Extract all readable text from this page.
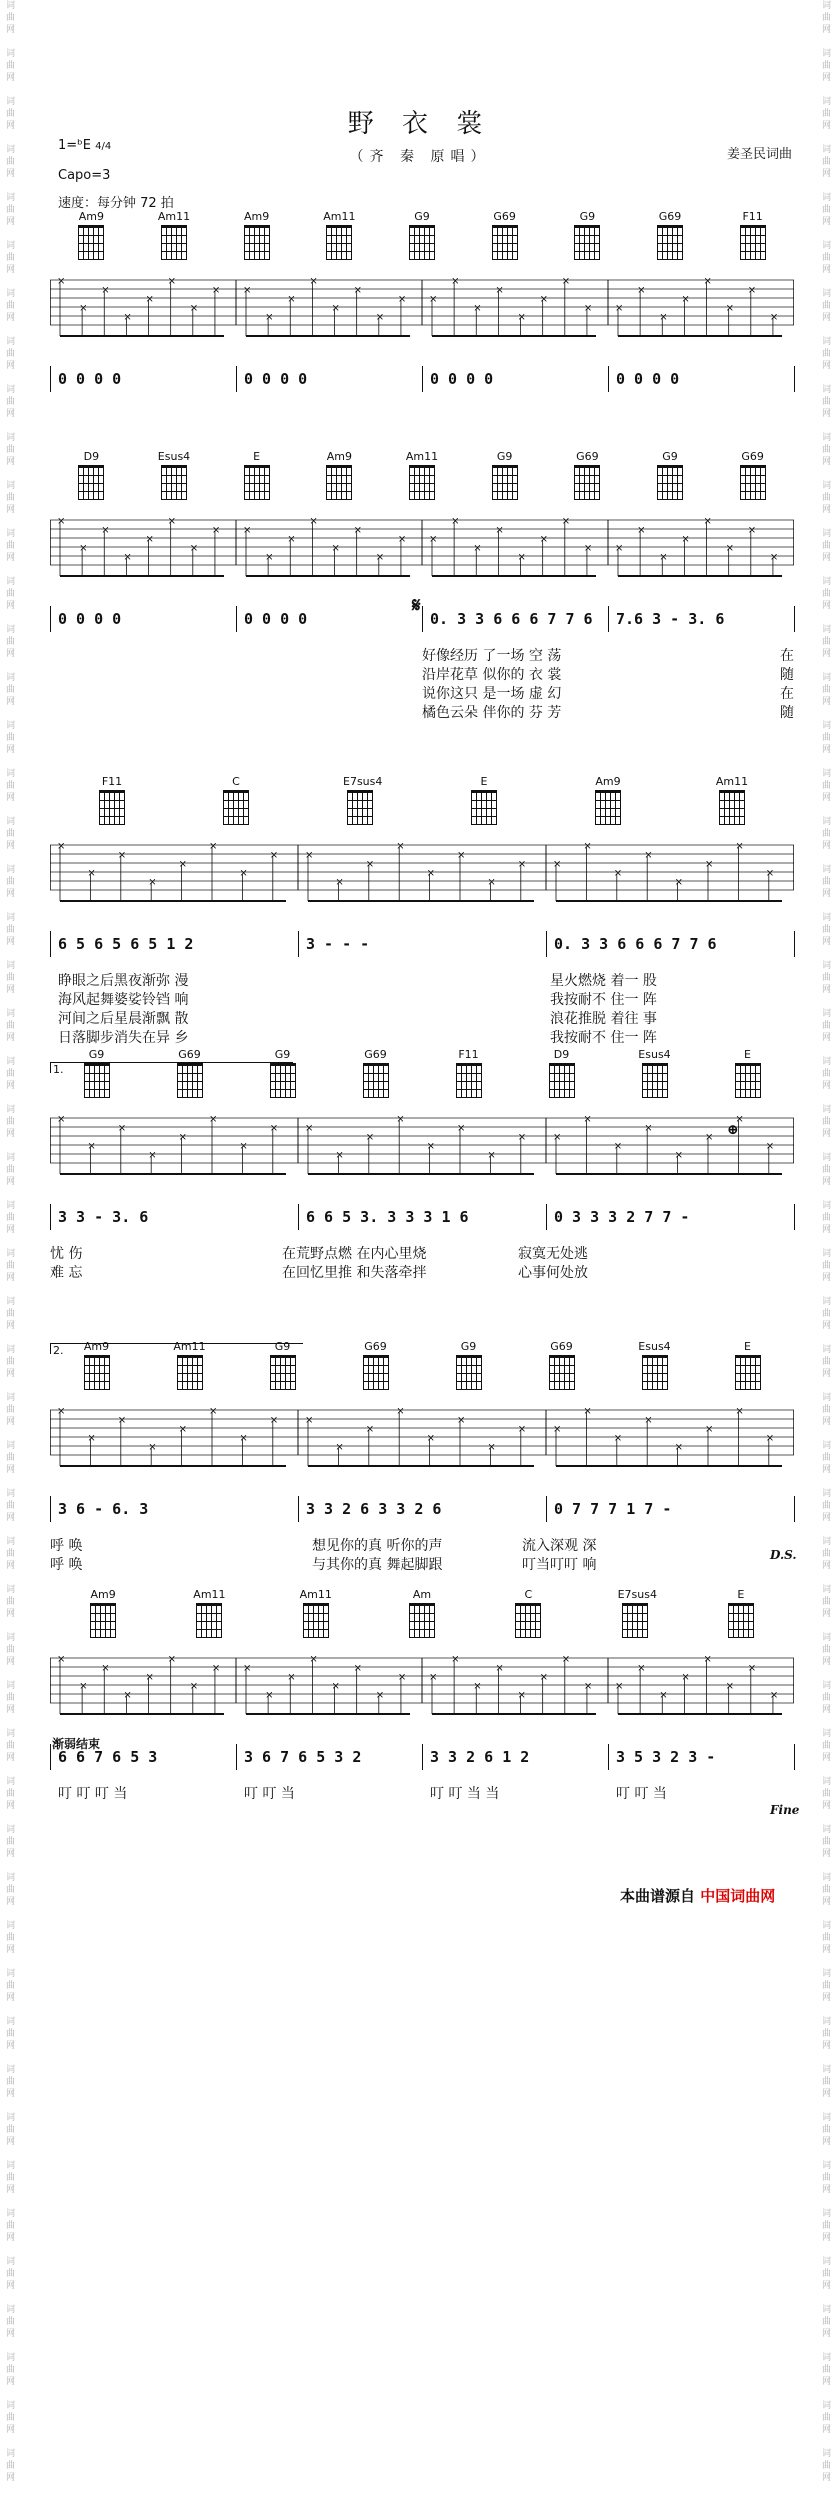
词
曲
网

词
曲
网

词
曲
网

词
曲
网

词
曲
网

词
曲
网

词
曲
网

词
曲
网

词
曲
网

词
曲
网

词
曲
网

词
曲
网

词
曲
网

词
曲
网

词
曲
网

词
曲
网

词
曲
网

词
曲
网

词
曲
网

词
曲
网

词
曲
网

词
曲
网

词
曲
网

词
曲
网

词
曲
网

词
曲
网

词
曲
网

词
曲
网

词
曲
网

词
曲
网

词
曲
网

词
曲
网

词
曲
网

词
曲
网

词
曲
网

词
曲
网

词
曲
网

词
曲
网

词
曲
网

词
曲
网

词
曲
网

词
曲
网

词
曲
网

词
曲
网

词
曲
网

词
曲
网

词
曲
网

词
曲
网

词
曲
网

词
曲
网

词
曲
网

词
曲
网

词
曲
网

词
曲
网

词
曲
网

词
曲
网

词
曲
网

词
曲
网

词
曲
网

词
曲
网

词
曲
网

词
曲
网

词
曲
网

词
曲
网

词
曲
网

词
曲
网

词
曲
网

词
曲
网

词
曲
网

词
曲
网

词
曲
网

词
曲
网

词
曲
网

词
曲
网

词
曲
网

词
曲
网

词
曲
网

词
曲
网

词
曲
网

词
曲
网

词
曲
网

词
曲
网

词
曲
网

词
曲
网

词
曲
网

词
曲
网

词
曲
网

词
曲
网

词
曲
网

词
曲
网

词
曲
网

词
曲
网

词
曲
网

词
曲
网

词
曲
网

词
曲
网

词
曲
网

词
曲
网

词
曲
网

词
曲
网

词
曲
网

词
曲
网

词
曲
网

词
曲
网

野 衣 裳
（齐 秦 原唱）
1=ᵇE 4/4
Capo=3
速度：每分钟 72 拍
姜圣民词曲
Am9	Am11	Am9	Am11	G9	G69	G9	G69	F11
×
×
×
×
×
×
×
× ×
×
×
×
×
×
×
× ×
×
×
×
×
×
×
× ×
×
×
×
×
×
×
×
0 0 0 0	0 0 0 0	0 0 0 0	0 0 0 0
D9	Esus4	E	Am9	Am11	G9	G69	G9	G69
×
×
×
×
×
×
×
× ×
×
×
×
×
×
×
× ×
×
×
×
×
×
×
× ×
×
×
×
×
×
×
×
0 0 0 0	0 0 0 0	0. 3 3 6 6 6 7 7 6 7.6 3 - 3. 6
好像经历 了一场 空 荡	在
沿岸花草 似你的 衣 裳	随
说你这只 是一场 虚 幻	在
橘色云朵 伴你的 芬 芳	随
F11	C	E7sus4	E	Am9	Am11
×
×
×
×
×
×
×
×	×
×
×
×
×
×
×
×	×
×
×
×
×
×
×
×
6 5 6 5 6 5 1 2	3 - - -	0. 3 3 6 6 6 7 7 6
睁眼之后黑夜渐弥 漫	星火燃烧 着一 股
海风起舞婆娑铃铛 响	我按耐不 住一 阵
河间之后星晨渐飘 散	浪花推脱 着往 事
日落脚步消失在异 乡	我按耐不 住一 阵
G9	G69	G9	G69	F11	D9	Esus4	E
×
×
×
×
×
×
×
×	×
×
×
×
×
×
×
×	×
×
×
×
×
×
×
×
3 3 - 3. 6	6 6 5 3. 3 3 3 1 6	0 3 3 3 2 7 7 -
忧 伤	在荒野点燃 在内心里烧	寂寞无处逃
难 忘	在回忆里推 和失落牵拌	心事何处放
Am9	Am11	G9	G69	G9	G69	Esus4	E
×
×
×
×
×
×
×
×	×
×
×
×
×
×
×
×	×
×
×
×
×
×
×
×
3 6 - 6. 3	3 3 2 6 3 3 2 6	0 7 7 7 1 7 -
呼 唤	想见你的真 听你的声	流入深观 深
呼 唤	与其你的真 舞起脚跟	叮当叮叮 响
Am9	Am11	Am11	Am	C	E7sus4	E
×
×
×
×
×
×
×
× ×
×
×
×
×
×
×
× ×
×
×
×
×
×
×
× ×
×
×
×
×
×
×
×
6 6 7 6 5 3	3 6 7 6 5 3 2	3 3 2 6 1 2	3 5 3 2 3 -
叮 叮 叮 当	叮 叮 当	叮 叮 当 当	叮 叮 当
1.
2.
𝄋
⊕
D.S.
Fine
渐弱结束
本曲谱源自 中国词曲网
